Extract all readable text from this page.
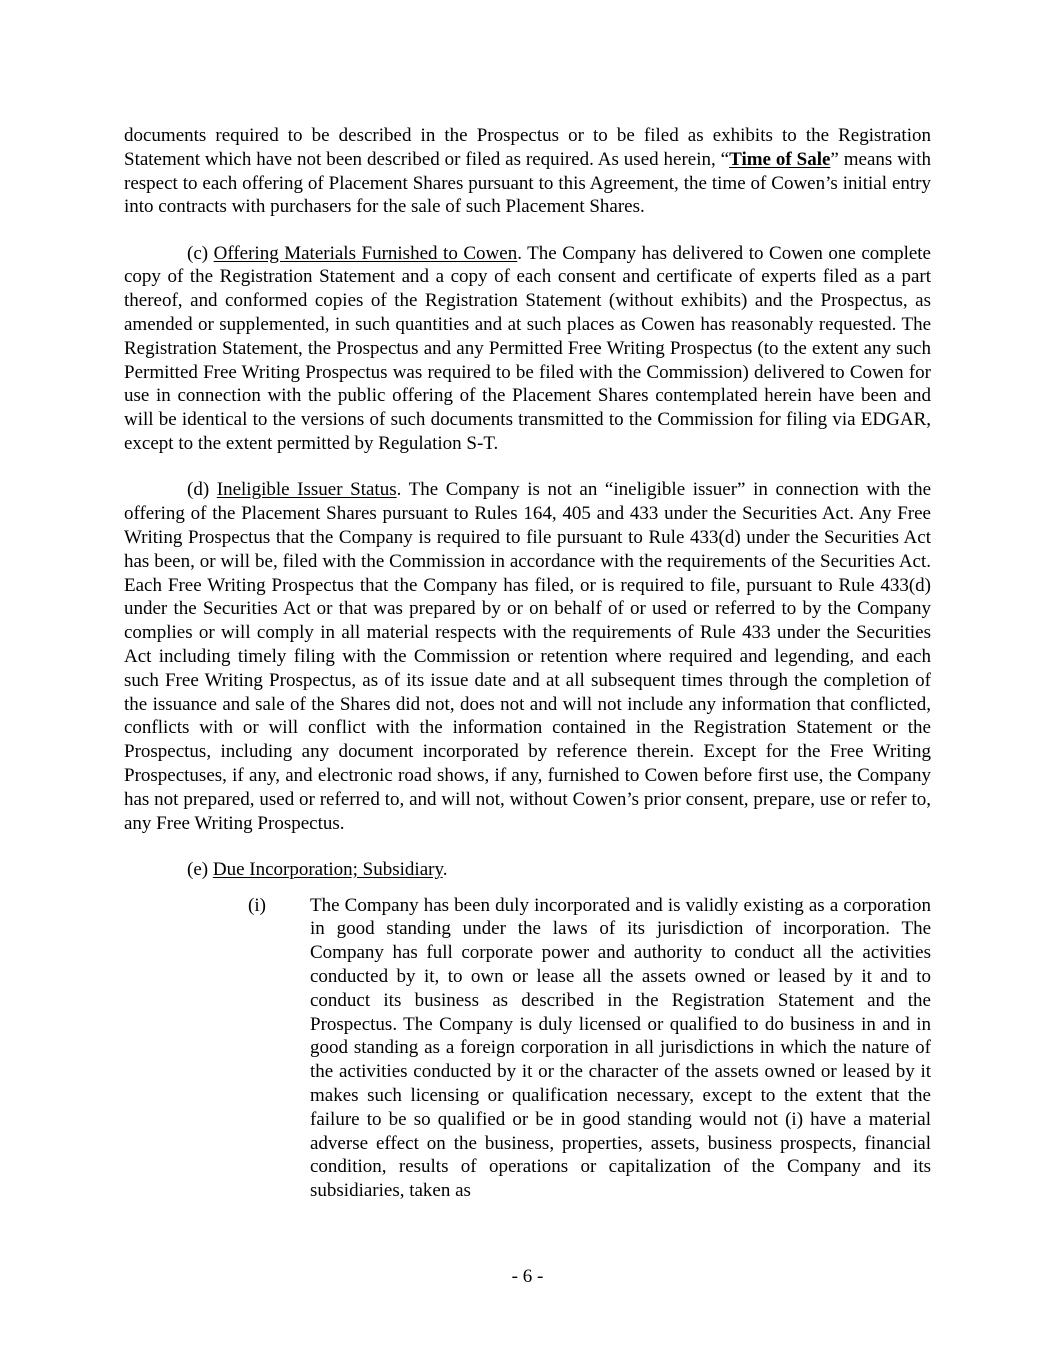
documents required to be described in the Prospectus or to be filed as exhibits to the Registration Statement which have not been described or filed as required. As used herein, “Time of Sale” means with respect to each offering of Placement Shares pursuant to this Agreement, the time of Cowen’s initial entry into contracts with purchasers for the sale of such Placement Shares.

(c) Offering Materials Furnished to Cowen. The Company has delivered to Cowen one complete copy of the Registration Statement and a copy of each consent and certificate of experts filed as a part thereof, and conformed copies of the Registration Statement (without exhibits) and the Prospectus, as amended or supplemented, in such quantities and at such places as Cowen has reasonably requested. The Registration Statement, the Prospectus and any Permitted Free Writing Prospectus (to the extent any such Permitted Free Writing Prospectus was required to be filed with the Commission) delivered to Cowen for use in connection with the public offering of the Placement Shares contemplated herein have been and will be identical to the versions of such documents transmitted to the Commission for filing via EDGAR, except to the extent permitted by Regulation S-T.

(d) Ineligible Issuer Status. The Company is not an “ineligible issuer” in connection with the offering of the Placement Shares pursuant to Rules 164, 405 and 433 under the Securities Act. Any Free Writing Prospectus that the Company is required to file pursuant to Rule 433(d) under the Securities Act has been, or will be, filed with the Commission in accordance with the requirements of the Securities Act. Each Free Writing Prospectus that the Company has filed, or is required to file, pursuant to Rule 433(d) under the Securities Act or that was prepared by or on behalf of or used or referred to by the Company complies or will comply in all material respects with the requirements of Rule 433 under the Securities Act including timely filing with the Commission or retention where required and legending, and each such Free Writing Prospectus, as of its issue date and at all subsequent times through the completion of the issuance and sale of the Shares did not, does not and will not include any information that conflicted, conflicts with or will conflict with the information contained in the Registration Statement or the Prospectus, including any document incorporated by reference therein. Except for the Free Writing Prospectuses, if any, and electronic road shows, if any, furnished to Cowen before first use, the Company has not prepared, used or referred to, and will not, without Cowen’s prior consent, prepare, use or refer to, any Free Writing Prospectus.

(e) Due Incorporation; Subsidiary.

(i) The Company has been duly incorporated and is validly existing as a corporation in good standing under the laws of its jurisdiction of incorporation. The Company has full corporate power and authority to conduct all the activities conducted by it, to own or lease all the assets owned or leased by it and to conduct its business as described in the Registration Statement and the Prospectus. The Company is duly licensed or qualified to do business in and in good standing as a foreign corporation in all jurisdictions in which the nature of the activities conducted by it or the character of the assets owned or leased by it makes such licensing or qualification necessary, except to the extent that the failure to be so qualified or be in good standing would not (i) have a material adverse effect on the business, properties, assets, business prospects, financial condition, results of operations or capitalization of the Company and its subsidiaries, taken as

- 6 -
